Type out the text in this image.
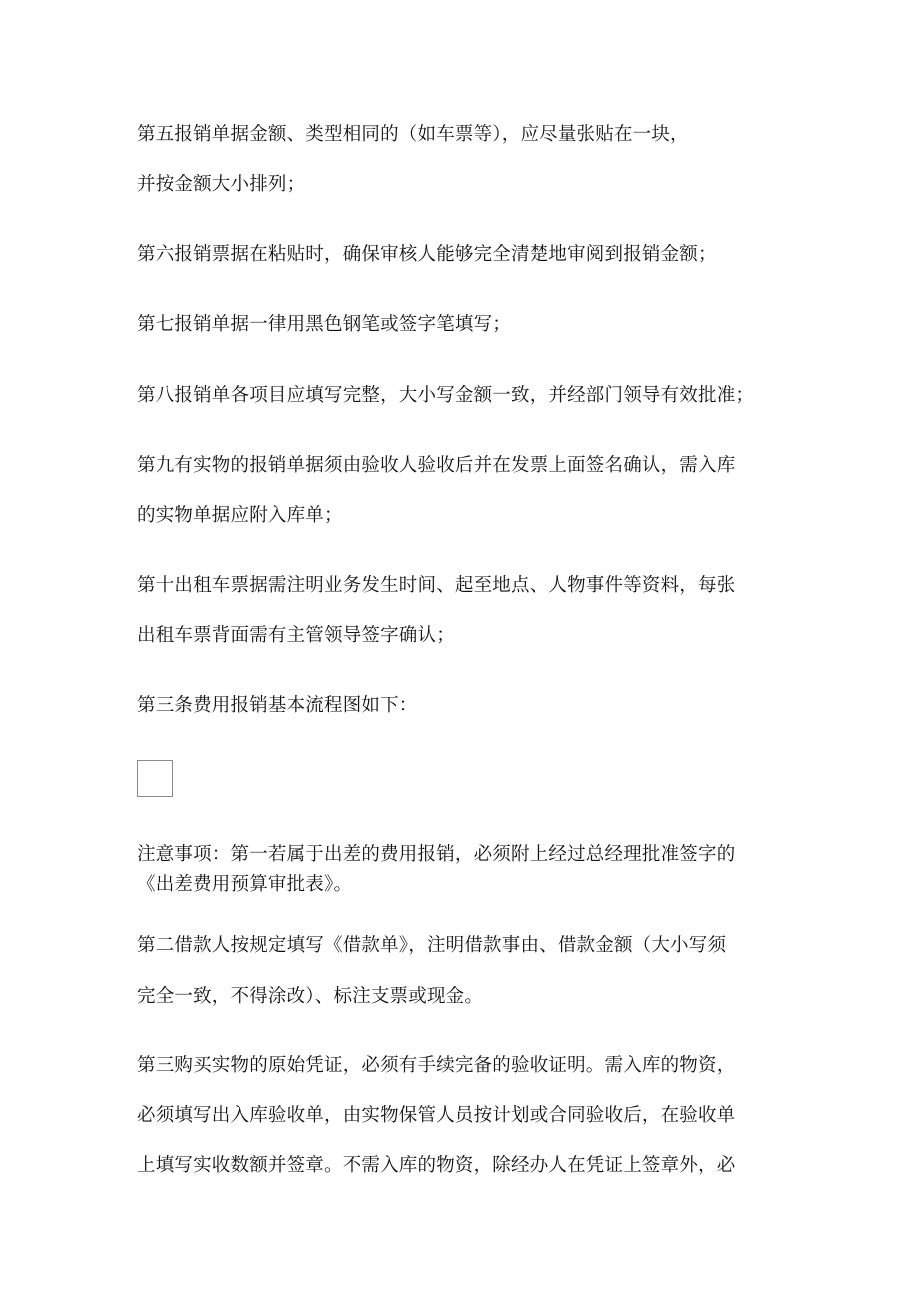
第五报销单据金额、类型相同的（如车票等），应尽量张贴在一块，
并按金额大小排列；
第六报销票据在粘贴时，确保审核人能够完全清楚地审阅到报销金额；
第七报销单据一律用黑色钢笔或签字笔填写；
第八报销单各项目应填写完整，大小写金额一致，并经部门领导有效批准；
第九有实物的报销单据须由验收人验收后并在发票上面签名确认，需入库
的实物单据应附入库单；
第十出租车票据需注明业务发生时间、起至地点、人物事件等资料，每张
出租车票背面需有主管领导签字确认；
第三条费用报销基本流程图如下：
注意事项：第一若属于出差的费用报销，必须附上经过总经理批准签字的
《出差费用预算审批表》。
第二借款人按规定填写《借款单》，注明借款事由、借款金额（大小写须
完全一致，不得涂改）、标注支票或现金。
第三购买实物的原始凭证，必须有手续完备的验收证明。需入库的物资，
必须填写出入库验收单，由实物保管人员按计划或合同验收后，在验收单
上填写实收数额并签章。不需入库的物资，除经办人在凭证上签章外，必
